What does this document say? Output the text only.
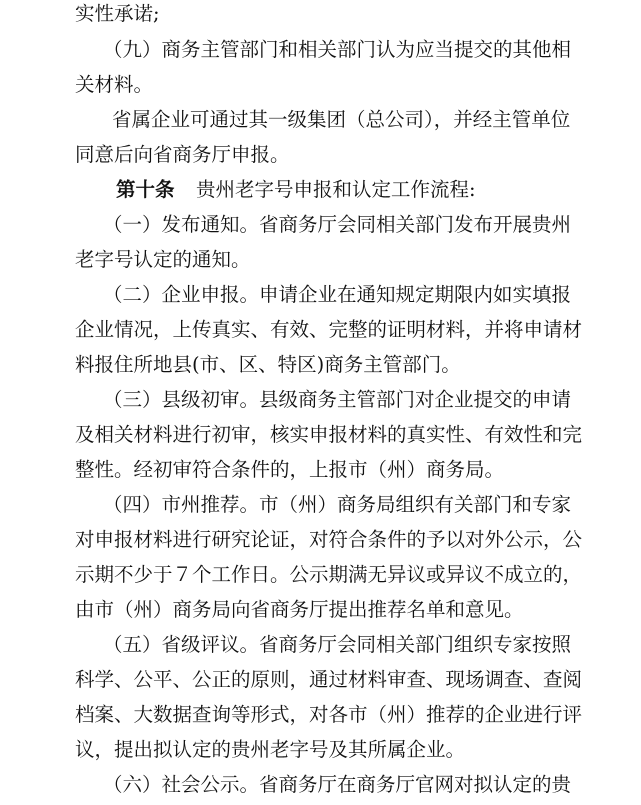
实性承诺;
（九）商务主管部门和相关部门认为应当提交的其他相
关材料。
省属企业可通过其一级集团（总公司），并经主管单位
同意后向省商务厅申报。
第十条 贵州老字号申报和认定工作流程:
（一）发布通知。省商务厅会同相关部门发布开展贵州
老字号认定的通知。
（二）企业申报。申请企业在通知规定期限内如实填报
企业情况，上传真实、有效、完整的证明材料，并将申请材
料报住所地县(市、区、特区)商务主管部门。
（三）县级初审。县级商务主管部门对企业提交的申请
及相关材料进行初审，核实申报材料的真实性、有效性和完
整性。经初审符合条件的，上报市（州）商务局。
（四）市州推荐。市（州）商务局组织有关部门和专家
对申报材料进行研究论证，对符合条件的予以对外公示，公
示期不少于７个工作日。公示期满无异议或异议不成立的，
由市（州）商务局向省商务厅提出推荐名单和意见。
（五）省级评议。省商务厅会同相关部门组织专家按照
科学、公平、公正的原则，通过材料审查、现场调查、查阅
档案、大数据查询等形式，对各市（州）推荐的企业进行评
议，提出拟认定的贵州老字号及其所属企业。
（六）社会公示。省商务厅在商务厅官网对拟认定的贵
